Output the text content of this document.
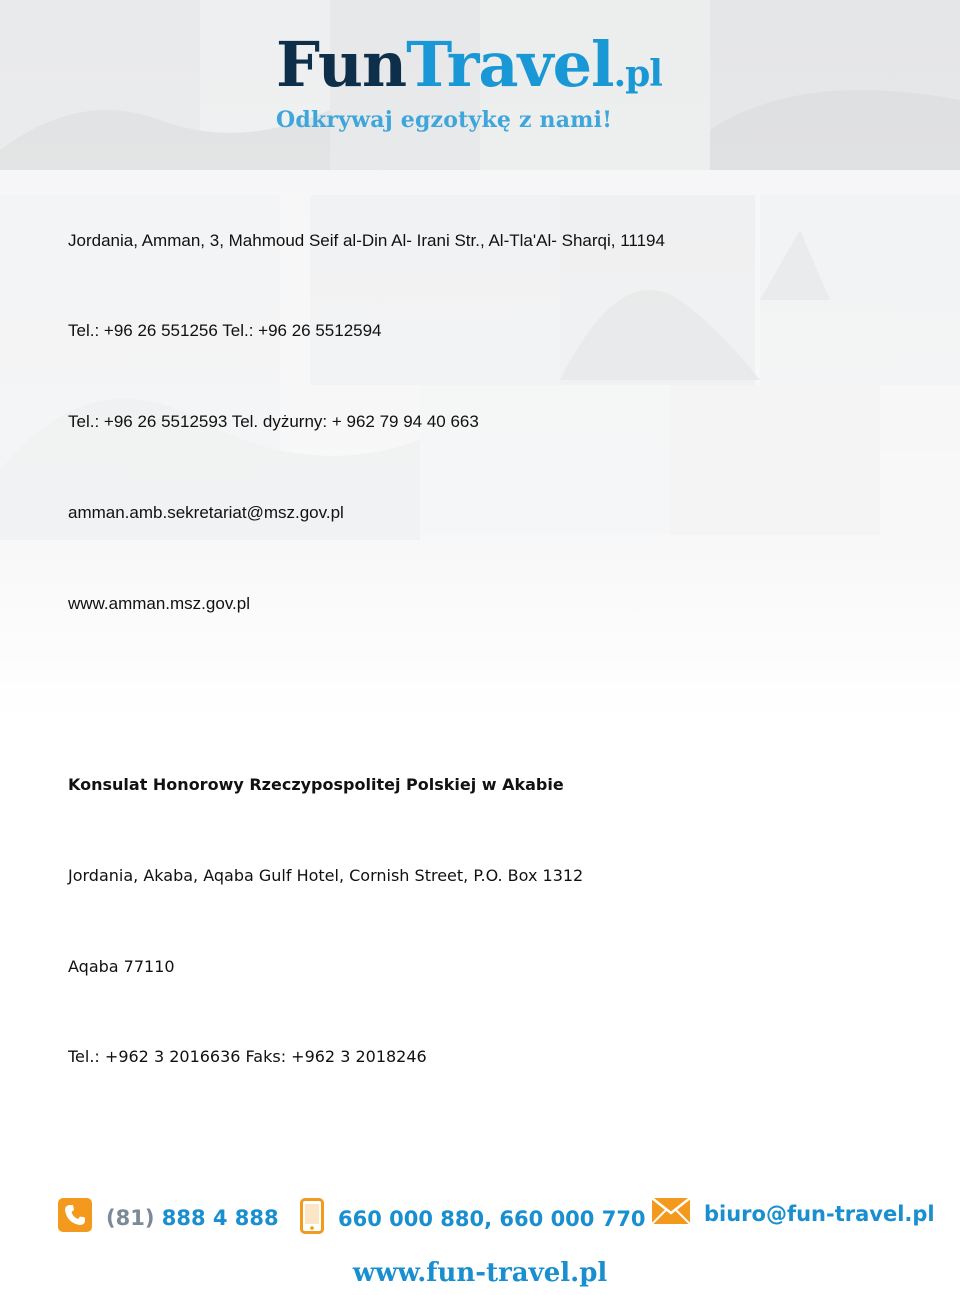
FunTravel.pl
Odkrywaj egzotykę z nami!
Jordania, Amman, 3, Mahmoud Seif al-Din Al- Irani Str., Al-Tla'Al- Sharqi, 11194
Tel.: +96 26 551256 Tel.: +96 26 5512594
Tel.: +96 26 5512593 Tel. dyżurny: + 962 79 94 40 663
amman.amb.sekretariat@msz.gov.pl
www.amman.msz.gov.pl
Konsulat Honorowy Rzeczypospolitej Polskiej w Akabie
Jordania, Akaba, Aqaba Gulf Hotel, Cornish Street, P.O. Box 1312
Aqaba 77110
Tel.: +962 3 2016636 Faks: +962 3 2018246
(81)
888 4 888	660 000 880, 660 000 770	biuro@fun-travel.pl
www.fun-travel.pl
